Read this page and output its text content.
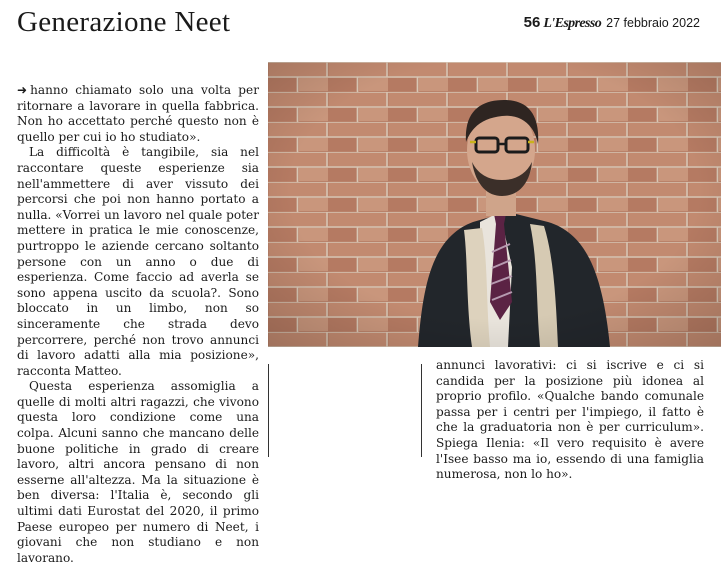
Generazione Neet	56 L'Espresso 27 febbraio 2022

➜ hanno chiamato solo una volta per ritornare a lavorare in quella fabbrica. Non ho accettato perché questo non è quello per cui io ho studiato».

La difficoltà è tangibile, sia nel raccontare queste esperienze sia nell'ammettere di aver vissuto dei percorsi che poi non hanno portato a nulla. «Vorrei un lavoro nel quale poter mettere in pratica le mie conoscenze, purtroppo le aziende cercano soltanto persone con un anno o due di esperienza. Come faccio ad averla se sono appena uscito da scuola?. Sono bloccato in un limbo, non so sinceramente che strada devo percorrere, perché non trovo annunci di lavoro adatti alla mia posizione», racconta Matteo.

Questa esperienza assomiglia a quelle di molti altri ragazzi, che vivono questa loro condizione come una colpa. Alcuni sanno che mancano delle buone politiche in grado di creare lavoro, altri ancora pensano di non esserne all'altezza. Ma la situazione è ben diversa: l'Italia è, secondo gli ultimi dati Eurostat del 2020, il primo Paese europeo per numero di Neet, i giovani che non studiano e non lavorano.

annunci lavorativi: ci si iscrive e ci si candida per la posizione più idonea al proprio profilo. «Qualche bando comunale passa per i centri per l'impiego, il fatto è che la graduatoria non è per curriculum». Spiega Ilenia: «Il vero requisito è avere l'Isee basso ma io, essendo di una famiglia numerosa, non lo ho».
